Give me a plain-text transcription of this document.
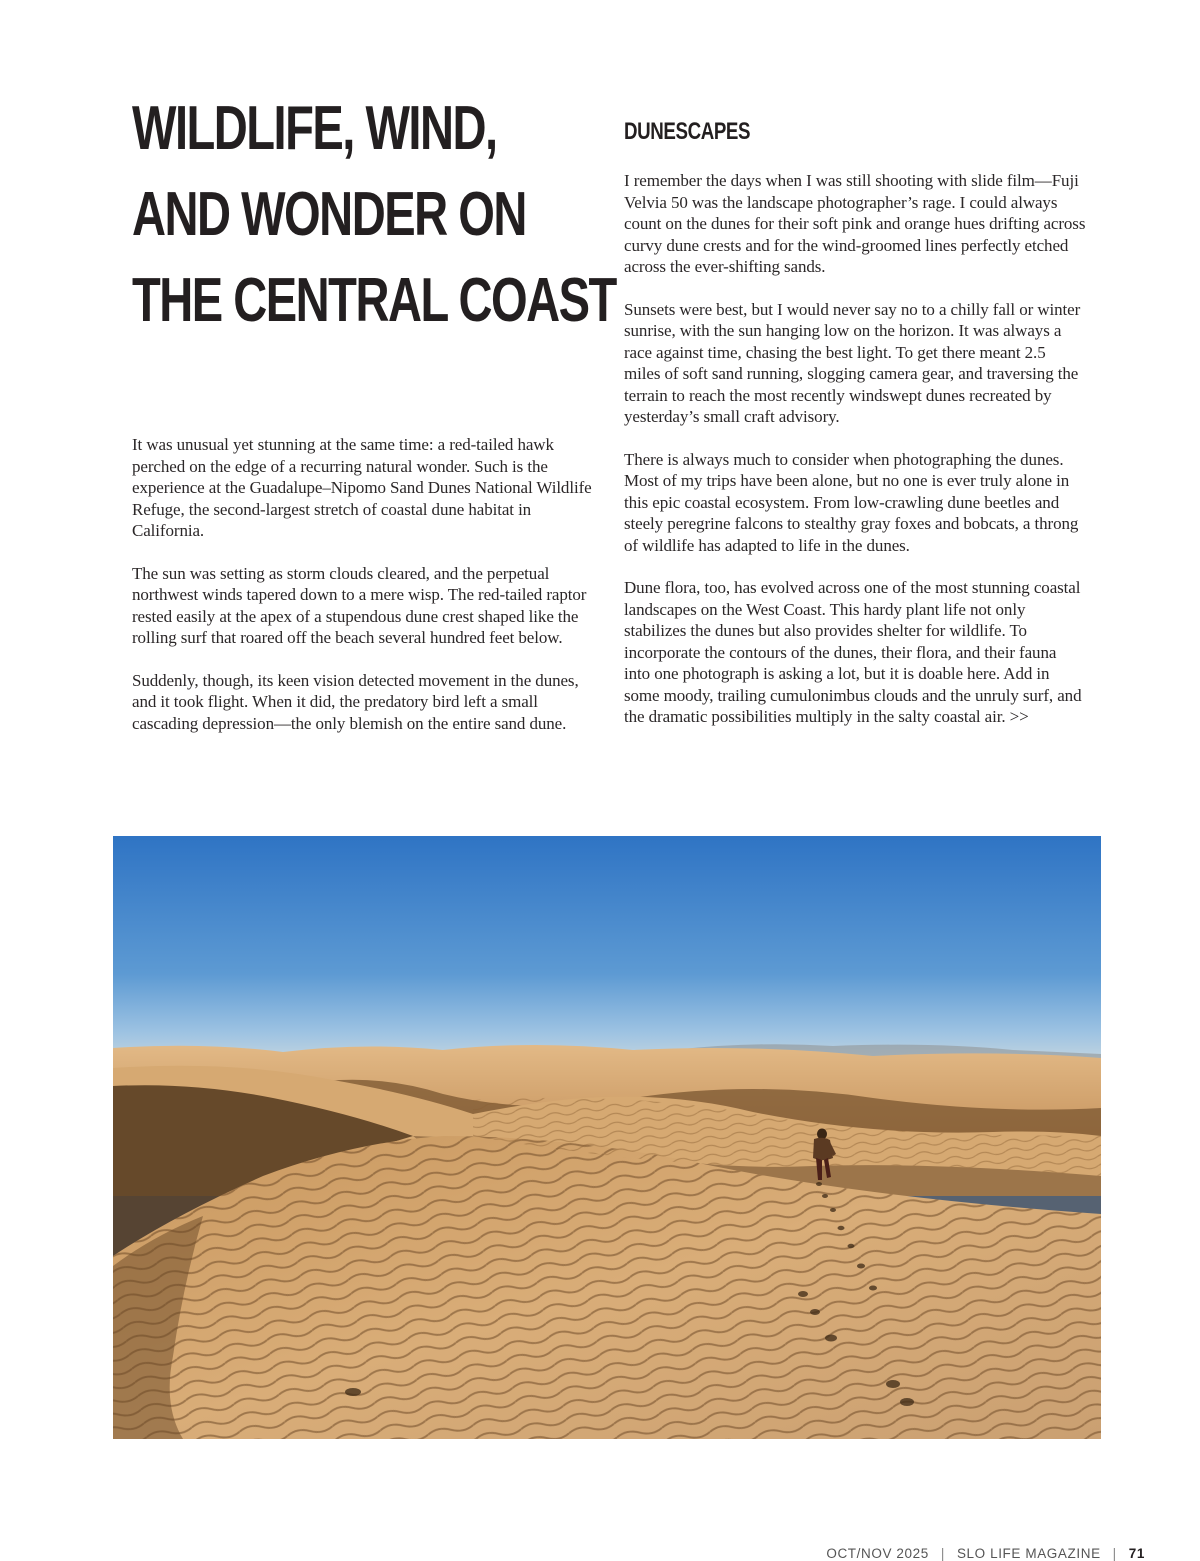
WILDLIFE, WIND,
AND WONDER ON
THE CENTRAL COAST

It was unusual yet stunning at the same time: a red-tailed hawk perched on the edge of a recurring natural wonder. Such is the experience at the Guadalupe–Nipomo Sand Dunes National Wildlife Refuge, the second-largest stretch of coastal dune habitat in California.

The sun was setting as storm clouds cleared, and the perpetual northwest winds tapered down to a mere wisp. The red-tailed raptor rested easily at the apex of a stupendous dune crest shaped like the rolling surf that roared off the beach several hundred feet below.

Suddenly, though, its keen vision detected movement in the dunes, and it took flight. When it did, the predatory bird left a small cascading depression—the only blemish on the entire sand dune.

DUNESCAPES

I remember the days when I was still shooting with slide film—Fuji Velvia 50 was the landscape photographer’s rage. I could always count on the dunes for their soft pink and orange hues drifting across curvy dune crests and for the wind-groomed lines perfectly etched across the ever-shifting sands.

Sunsets were best, but I would never say no to a chilly fall or winter sunrise, with the sun hanging low on the horizon. It was always a race against time, chasing the best light. To get there meant 2.5 miles of soft sand running, slogging camera gear, and traversing the terrain to reach the most recently windswept dunes recreated by yesterday’s small craft advisory.

There is always much to consider when photographing the dunes. Most of my trips have been alone, but no one is ever truly alone in this epic coastal ecosystem. From low-crawling dune beetles and steely peregrine falcons to stealthy gray foxes and bobcats, a throng of wildlife has adapted to life in the dunes.

Dune flora, too, has evolved across one of the most stunning coastal landscapes on the West Coast. This hardy plant life not only stabilizes the dunes but also provides shelter for wildlife. To incorporate the contours of the dunes, their flora, and their fauna into one photograph is asking a lot, but it is doable here. Add in some moody, trailing cumulonimbus clouds and the unruly surf, and the dramatic possibilities multiply in the salty coastal air. >>

OCT/NOV 2025 | SLO LIFE MAGAZINE | 71
